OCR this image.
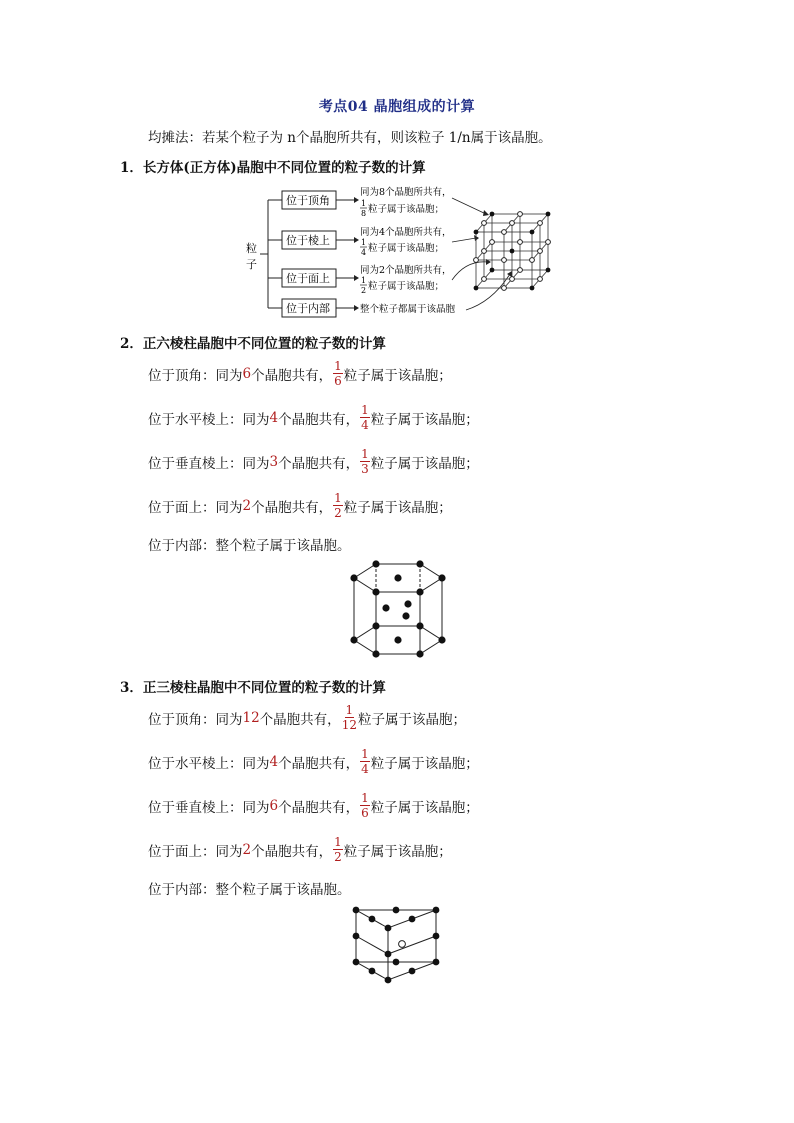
考点04 晶胞组成的计算
均摊法：若某个粒子为 n个晶胞所共有，则该粒子 1/n属于该晶胞。
1．长方体(正方体)晶胞中不同位置的粒子数的计算
粒
子
位于顶角
位于棱上
位于面上
位于内部
同为8个晶胞所共有，
1
8 粒子属于该晶胞；
同为4个晶胞所共有，
1
4 粒子属于该晶胞；
同为2个晶胞所共有，
1
2 粒子属于该晶胞；
整个粒子都属于该晶胞
2．正六棱柱晶胞中不同位置的粒子数的计算
位于顶角：同为 6 个晶胞共有， $\frac{1}{6}$ 粒子属于该晶胞；
位于水平棱上：同为 4 个晶胞共有， $\frac{1}{4}$ 粒子属于该晶胞；
位于垂直棱上：同为 3 个晶胞共有， $\frac{1}{3}$ 粒子属于该晶胞；
位于面上：同为 2 个晶胞共有， $\frac{1}{2}$ 粒子属于该晶胞；
位于内部：整个粒子属于该晶胞。
3．正三棱柱晶胞中不同位置的粒子数的计算
位于顶角：同为 12 个晶胞共有， $\frac{1}{12}$ 粒子属于该晶胞；
位于水平棱上：同为 4 个晶胞共有， $\frac{1}{4}$ 粒子属于该晶胞；
位于垂直棱上：同为 6 个晶胞共有， $\frac{1}{6}$ 粒子属于该晶胞；
位于面上：同为 2 个晶胞共有， $\frac{1}{2}$ 粒子属于该晶胞；
位于内部：整个粒子属于该晶胞。
